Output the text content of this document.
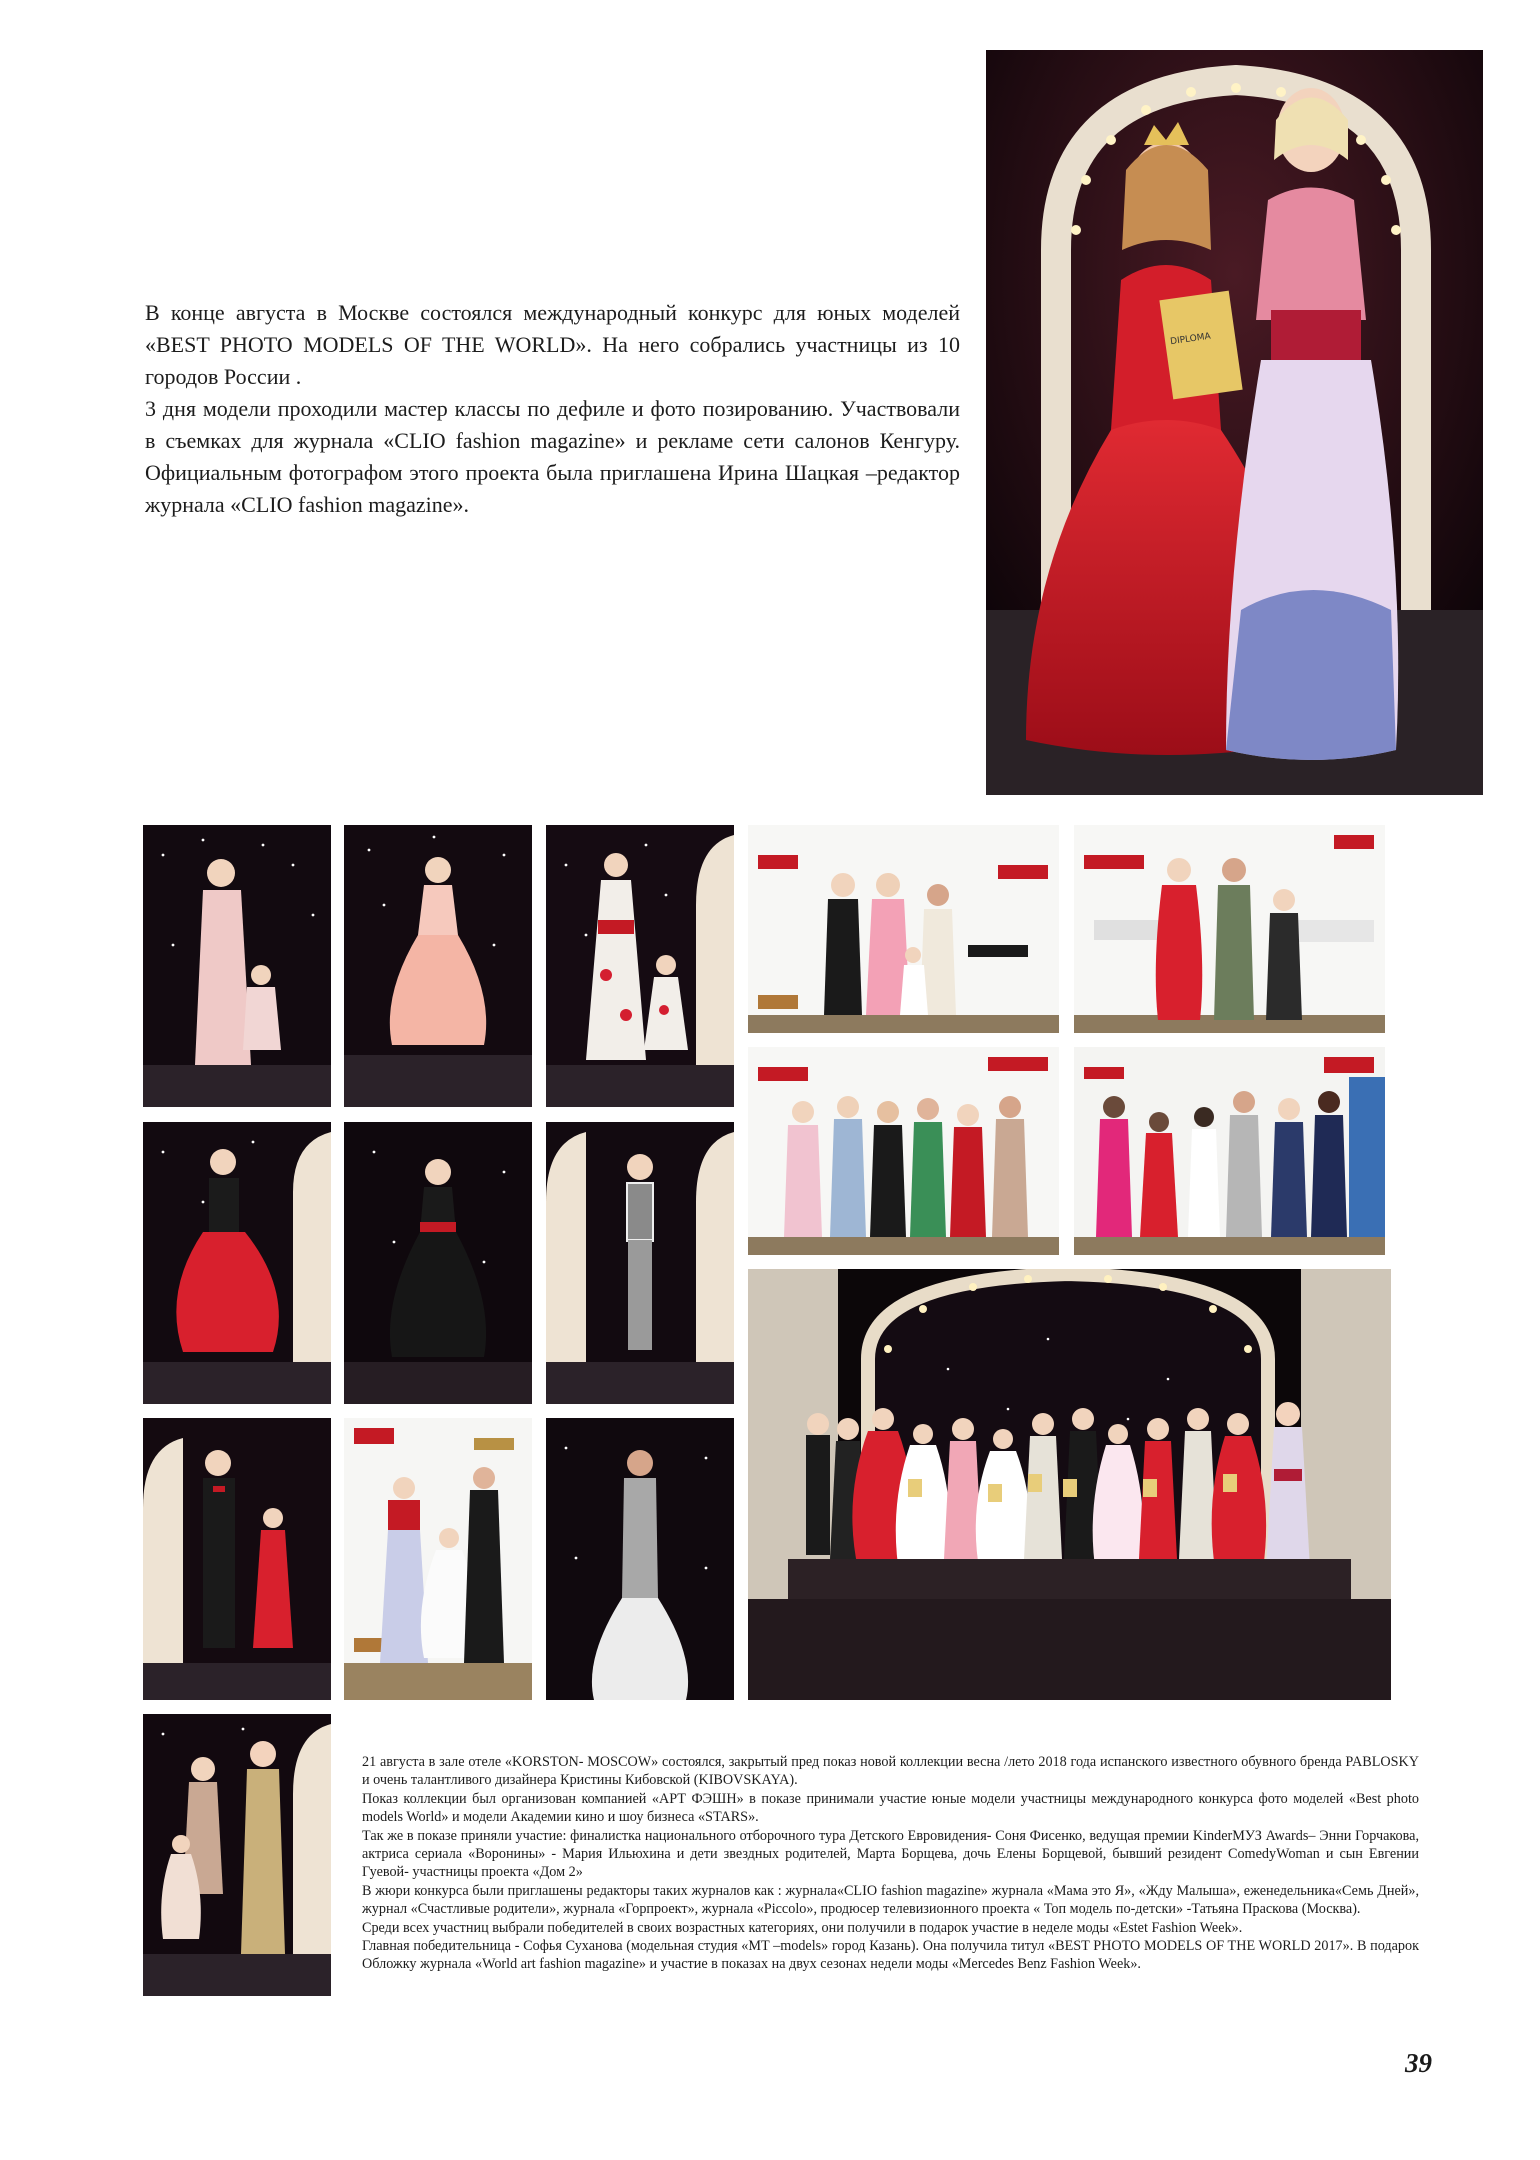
DIPLOMA

В конце августа в Москве состоялся международный конкурс для юных моделей «BEST PHOTO MODELS OF THE WORLD». На него собрались участницы из 10 городов России .

3 дня модели проходили мастер классы по дефиле и фото позированию. Участвовали в съемках для журнала «CLIO fashion magazine» и рекламе сети салонов Кенгуру. Официальным фотографом этого проекта была приглашена Ирина Шацкая –редактор журнала «CLIO fashion magazine».

21 августа в зале отеле «KORSTON- MOSCOW» состоялся, закрытый пред показ новой коллекции весна /лето 2018 года испанского известного обувного бренда PABLOSKY и очень талантливого дизайнера Кристины Кибовской (KIBOVSKAYA).

Показ коллекции был организован компанией «АРТ ФЭШН» в показе принимали участие юные модели участницы международного конкурса фото моделей «Best photo models World» и модели Академии кино и шоу бизнеса «STARS».

Так же в показе приняли участие: финалистка национального отборочного тура Детского Евровидения- Соня Фисенко, ведущая премии KinderМУЗ Awards– Энни Горчакова, актриса сериала «Воронины» - Мария Ильюхина и дети звездных родителей, Марта Борщева, дочь Елены Борщевой, бывший резидент ComedyWoman и сын Евгении Гуевой- участницы проекта «Дом 2»

В жюри конкурса были приглашены редакторы таких журналов как : журнала«CLIO fashion magazine» журнала «Мама это Я», «Жду Малыша», еженедельника«Семь Дней», журнал «Счастливые родители», журнала «Горпроект», журнала «Piccolo», продюсер телевизионного проекта « Топ модель по-детски» -Татьяна Праскова (Москва).

Среди всех участниц выбрали победителей в своих возрастных категориях, они получили в подарок участие в неделе моды «Estet Fashion Week».

Главная победительница - Софья Суханова (модельная студия «MT –models» город Казань). Она получила титул «BEST PHOTO MODELS OF THE WORLD 2017». В подарок Обложку журнала «World art fashion magazine» и участие в показах на двух сезонах недели моды «Mercedes Benz Fashion Week».

39
